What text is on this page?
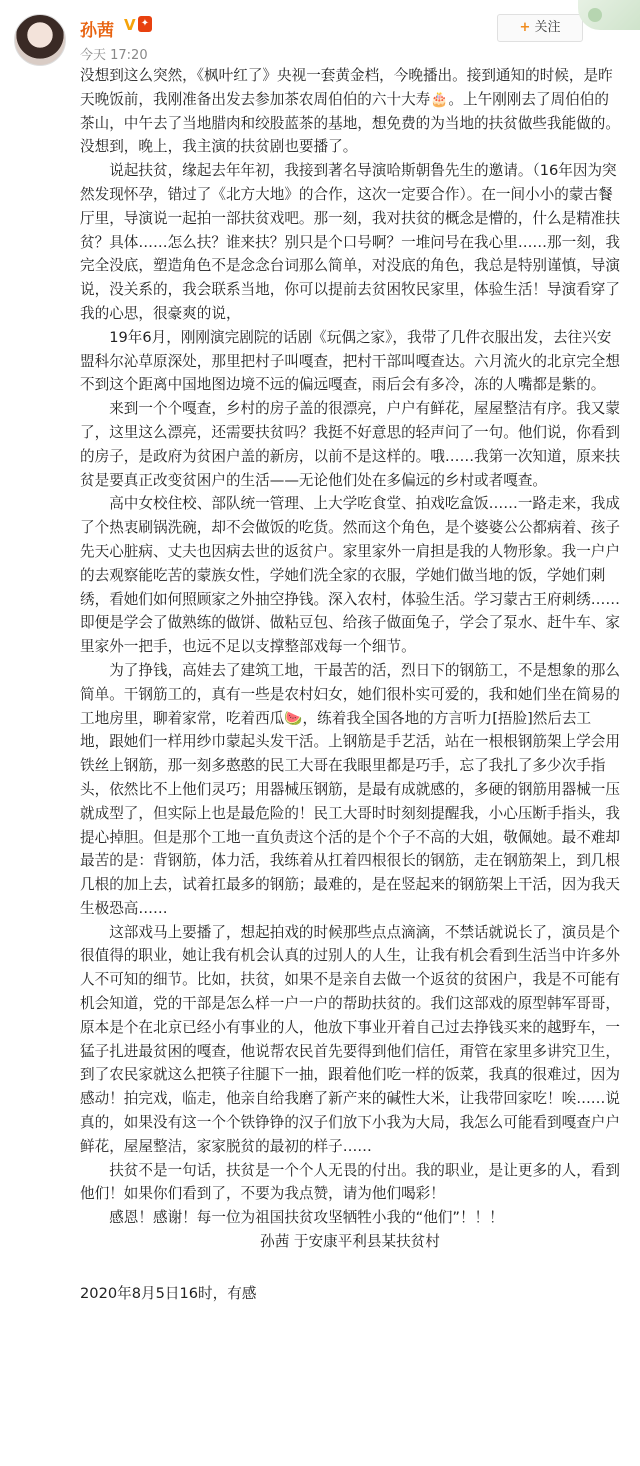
孙茜 V ✦
今天 17:20
+ 关注

没想到这么突然，《枫叶红了》央视一套黄金档，今晚播出。接到通知的时候，是昨天晚饭前，我刚准备出发去参加茶农周伯伯的六十大寿🎂。上午刚刚去了周伯伯的茶山，中午去了当地腊肉和绞股蓝茶的基地，想免费的为当地的扶贫做些我能做的。没想到，晚上，我主演的扶贫剧也要播了。

说起扶贫，缘起去年年初，我接到著名导演哈斯朝鲁先生的邀请。（16年因为突然发现怀孕，错过了《北方大地》的合作，这次一定要合作）。在一间小小的蒙古餐厅里，导演说一起拍一部扶贫戏吧。那一刻，我对扶贫的概念是懵的，什么是精准扶贫？具体……怎么扶？谁来扶？别只是个口号啊？一堆问号在我心里……那一刻，我完全没底，塑造角色不是念念台词那么简单，对没底的角色，我总是特别谨慎，导演说，没关系的，我会联系当地，你可以提前去贫困牧民家里，体验生活！导演看穿了我的心思，很豪爽的说，

19年6月，刚刚演完剧院的话剧《玩偶之家》，我带了几件衣服出发，去往兴安盟科尔沁草原深处，那里把村子叫嘎查，把村干部叫嘎查达。六月流火的北京完全想不到这个距离中国地图边境不远的偏远嘎查，雨后会有多冷，冻的人嘴都是紫的。

来到一个个嘎查，乡村的房子盖的很漂亮，户户有鲜花，屋屋整洁有序。我又蒙了，这里这么漂亮，还需要扶贫吗？我挺不好意思的轻声问了一句。他们说，你看到的房子，是政府为贫困户盖的新房，以前不是这样的。哦……我第一次知道，原来扶贫是要真正改变贫困户的生活——无论他们处在多偏远的乡村或者嘎查。

高中女校住校、部队统一管理、上大学吃食堂、拍戏吃盒饭……一路走来，我成了个热衷刷锅洗碗，却不会做饭的吃货。然而这个角色，是个婆婆公公都病着、孩子先天心脏病、丈夫也因病去世的返贫户。家里家外一肩担是我的人物形象。我一户户的去观察能吃苦的蒙族女性，学她们洗全家的衣服，学她们做当地的饭，学她们刺绣，看她们如何照顾家之外抽空挣钱。深入农村，体验生活。学习蒙古王府刺绣……即便是学会了做熟练的做饼、做粘豆包、给孩子做面兔子，学会了泵水、赶牛车、家里家外一把手，也远不足以支撑整部戏每一个细节。

为了挣钱，高娃去了建筑工地，干最苦的活，烈日下的钢筋工，不是想象的那么简单。干钢筋工的，真有一些是农村妇女，她们很朴实可爱的，我和她们坐在简易的工地房里，聊着家常，吃着西瓜🍉，练着我全国各地的方言听力[捂脸]然后去工地，跟她们一样用纱巾蒙起头发干活。上钢筋是手艺活，站在一根根钢筋架上学会用铁丝上钢筋，那一刻多憨憨的民工大哥在我眼里都是巧手，忘了我扎了多少次手指头，依然比不上他们灵巧；用器械压钢筋，是最有成就感的，多硬的钢筋用器械一压就成型了，但实际上也是最危险的！民工大哥时时刻刻提醒我，小心压断手指头，我提心掉胆。但是那个工地一直负责这个活的是个个子不高的大姐，敬佩她。最不难却最苦的是：背钢筋，体力活，我练着从扛着四根很长的钢筋，走在钢筋架上，到几根几根的加上去，试着扛最多的钢筋；最难的，是在竖起来的钢筋架上干活，因为我天生极恐高……

这部戏马上要播了，想起拍戏的时候那些点点滴滴，不禁话就说长了，演员是个很值得的职业，她让我有机会认真的过别人的人生，让我有机会看到生活当中许多外人不可知的细节。比如，扶贫，如果不是亲自去做一个返贫的贫困户，我是不可能有机会知道，党的干部是怎么样一户一户的帮助扶贫的。我们这部戏的原型韩军哥哥，原本是个在北京已经小有事业的人，他放下事业开着自己过去挣钱买来的越野车，一猛子扎进最贫困的嘎查，他说帮农民首先要得到他们信任，甭管在家里多讲究卫生，到了农民家就这么把筷子往腿下一抽，跟着他们吃一样的饭菜，我真的很难过，因为感动！拍完戏，临走，他亲自给我磨了新产来的碱性大米，让我带回家吃！唉……说真的，如果没有这一个个铁铮铮的汉子们放下小我为大局，我怎么可能看到嘎查户户鲜花，屋屋整洁，家家脱贫的最初的样子……

扶贫不是一句话，扶贫是一个个人无畏的付出。我的职业，是让更多的人，看到他们！如果你们看到了，不要为我点赞，请为他们喝彩！

感恩！感谢！每一位为祖国扶贫攻坚牺牲小我的“他们”！！！

孙茜 于安康平利县某扶贫村

2020年8月5日16时，有感
